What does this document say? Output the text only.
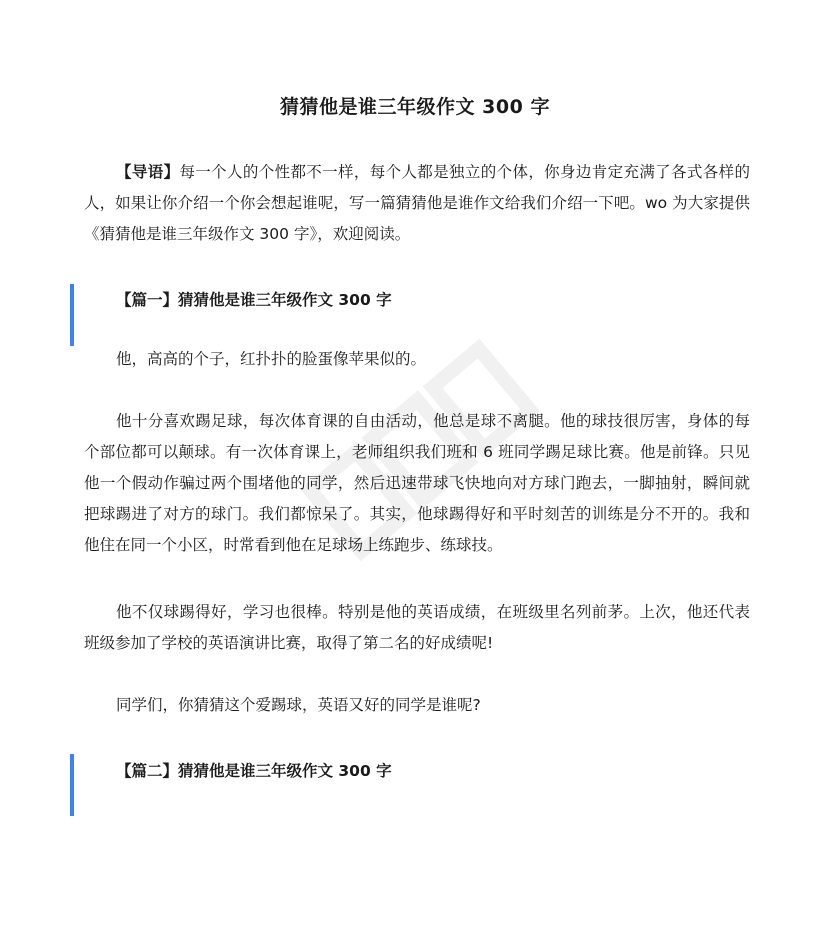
猜猜他是谁三年级作文 300 字
【导语】每一个人的个性都不一样，每个人都是独立的个体，你身边肯定充满了各式各样的人，如果让你介绍一个你会想起谁呢，写一篇猜猜他是谁作文给我们介绍一下吧。wo 为大家提供《猜猜他是谁三年级作文 300 字》，欢迎阅读。
【篇一】猜猜他是谁三年级作文 300 字
他，高高的个子，红扑扑的脸蛋像苹果似的。
他十分喜欢踢足球，每次体育课的自由活动，他总是球不离腿。他的球技很厉害，身体的每个部位都可以颠球。有一次体育课上，老师组织我们班和 6 班同学踢足球比赛。他是前锋。只见他一个假动作骗过两个围堵他的同学，然后迅速带球飞快地向对方球门跑去，一脚抽射，瞬间就把球踢进了对方的球门。我们都惊呆了。其实，他球踢得好和平时刻苦的训练是分不开的。我和他住在同一个小区，时常看到他在足球场上练跑步、练球技。
他不仅球踢得好，学习也很棒。特别是他的英语成绩，在班级里名列前茅。上次，他还代表班级参加了学校的英语演讲比赛，取得了第二名的好成绩呢!
同学们，你猜猜这个爱踢球，英语又好的同学是谁呢?
【篇二】猜猜他是谁三年级作文 300 字
